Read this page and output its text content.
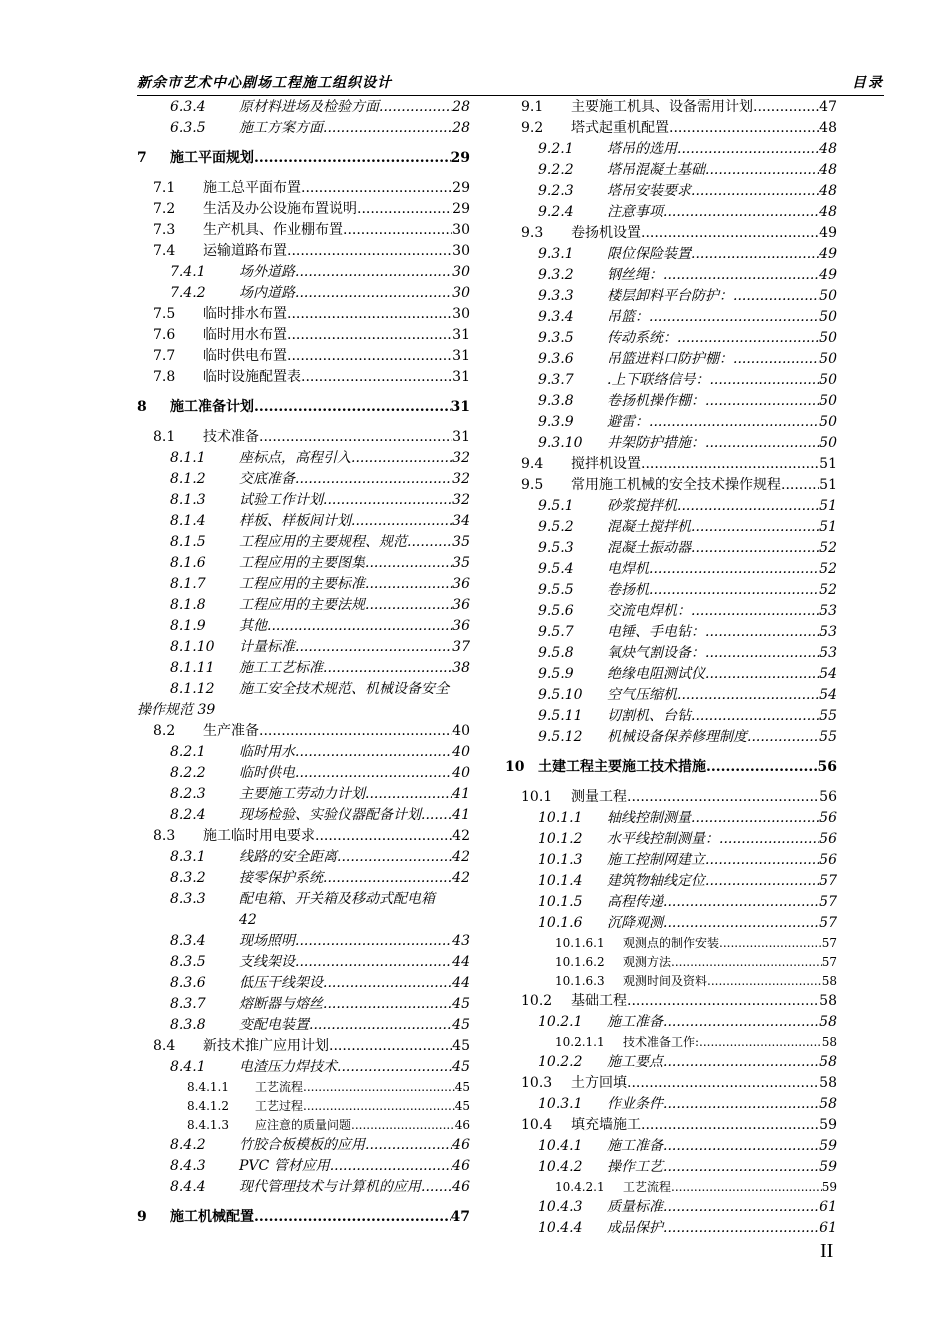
新余市艺术中心剧场工程施工组织设计	目录
6.3.4	原材料进场及检验方面 .....	28
6.3.5	施工方案方面 .....	28
7	施工平面规划 .....	29
7.1	施工总平面布置 .....	29
7.2	生活及办公设施布置说明 .....	29
7.3	生产机具、作业棚布置 .....	30
7.4	运输道路布置 .....	30
7.4.1	场外道路 .....	30
7.4.2	场内道路 .....	30
7.5	临时排水布置 .....	30
7.6	临时用水布置 .....	31
7.7	临时供电布置 .....	31
7.8	临时设施配置表 .....	31
8	施工准备计划 .....	31
8.1	技术准备 .....	31
8.1.1	座标点，高程引入 .....	32
8.1.2	交底准备 .....	32
8.1.3	试验工作计划 .....	32
8.1.4	样板、样板间计划 .....	34
8.1.5	工程应用的主要规程、规范 .....	35
8.1.6	工程应用的主要图集 .....	35
8.1.7	工程应用的主要标准 .....	36
8.1.8	工程应用的主要法规 .....	36
8.1.9	其他 .....	36
8.1.10	计量标准 .....	37
8.1.11	施工工艺标准 .....	38
8.1.12 施工安全技术规范、机械设备安全
操作规范 39
8.2	生产准备 .....	40
8.2.1	临时用水 .....	40
8.2.2	临时供电 .....	40
8.2.3	主要施工劳动力计划 .....	41
8.2.4	现场检验、实验仪器配备计划 ..... 41
8.3	施工临时用电要求 .....	42
8.3.1	线路的安全距离 .....	42
8.3.2	接零保护系统 .....	42
8.3.3 配电箱、开关箱及移动式配电箱
42
8.3.4	现场照明 .....	43
8.3.5	支线架设 .....	44
8.3.6	低压干线架设 .....	44
8.3.7	熔断器与熔丝 .....	45
8.3.8	变配电装置 .....	45
8.4	新技术推广应用计划 .....	45
8.4.1	电渣压力焊技术 .....	45
8.4.1.1	工艺流程 .....	45
8.4.1.2	工艺过程 .....	45
8.4.1.3	应注意的质量问题 .....	46
8.4.2	竹胶合板模板的应用 .....	46
8.4.3	PVC 管材应用 .....	46
8.4.4	现代管理技术与计算机的应用 ..... 46
9	施工机械配置 .....	47
9.1	主要施工机具、设备需用计划 .....	47
9.2	塔式起重机配置 .....	48
9.2.1	塔吊的选用 .....	48
9.2.2	塔吊混凝土基础 .....	48
9.2.3	塔吊安装要求 .....	48
9.2.4	注意事项 .....	48
9.3	卷扬机设置 .....	49
9.3.1	限位保险装置 .....	49
9.3.2	钢丝绳： .....	49
9.3.3	楼层卸料平台防护： .....	50
9.3.4	吊篮： .....	50
9.3.5	传动系统： .....	50
9.3.6	吊篮进料口防护棚： .....	50
9.3.7	.上下联络信号： .....	50
9.3.8	卷扬机操作棚： .....	50
9.3.9	避雷： .....	50
9.3.10	井架防护措施： .....	50
9.4	搅拌机设置 .....	51
9.5	常用施工机械的安全技术操作规程 .....	51
9.5.1	砂浆搅拌机 .....	51
9.5.2	混凝土搅拌机 .....	51
9.5.3	混凝土振动器 .....	52
9.5.4	电焊机 .....	52
9.5.5	卷扬机 .....	52
9.5.6	交流电焊机： .....	53
9.5.7	电锤、手电钻： .....	53
9.5.8	氧炔气割设备： .....	53
9.5.9	绝缘电阻测试仪 .....	54
9.5.10	空气压缩机 .....	54
9.5.11	切割机、台钻 .....	55
9.5.12	机械设备保养修理制度 .....	55
10 土建工程主要施工技术措施 .....	56
10.1	测量工程 .....	56
10.1.1	轴线控制测量 .....	56
10.1.2	水平线控制测量： .....	56
10.1.3	施工控制网建立 .....	56
10.1.4	建筑物轴线定位 .....	57
10.1.5	高程传递 .....	57
10.1.6	沉降观测 .....	57
10.1.6.1	观测点的制作安装 .....	57
10.1.6.2	观测方法 .....	57
10.1.6.3	观测时间及资料 .....	58
10.2	基础工程 .....	58
10.2.1	施工准备 .....	58
10.2.1.1	技术准备工作: .....	58
10.2.2	施工要点 .....	58
10.3	土方回填 .....	58
10.3.1	作业条件 .....	58
10.4	填充墙施工 .....	59
10.4.1	施工准备 .....	59
10.4.2	操作工艺 .....	59
10.4.2.1	工艺流程 .....	59
10.4.3	质量标准 .....	61
10.4.4	成品保护 .....	61
II
